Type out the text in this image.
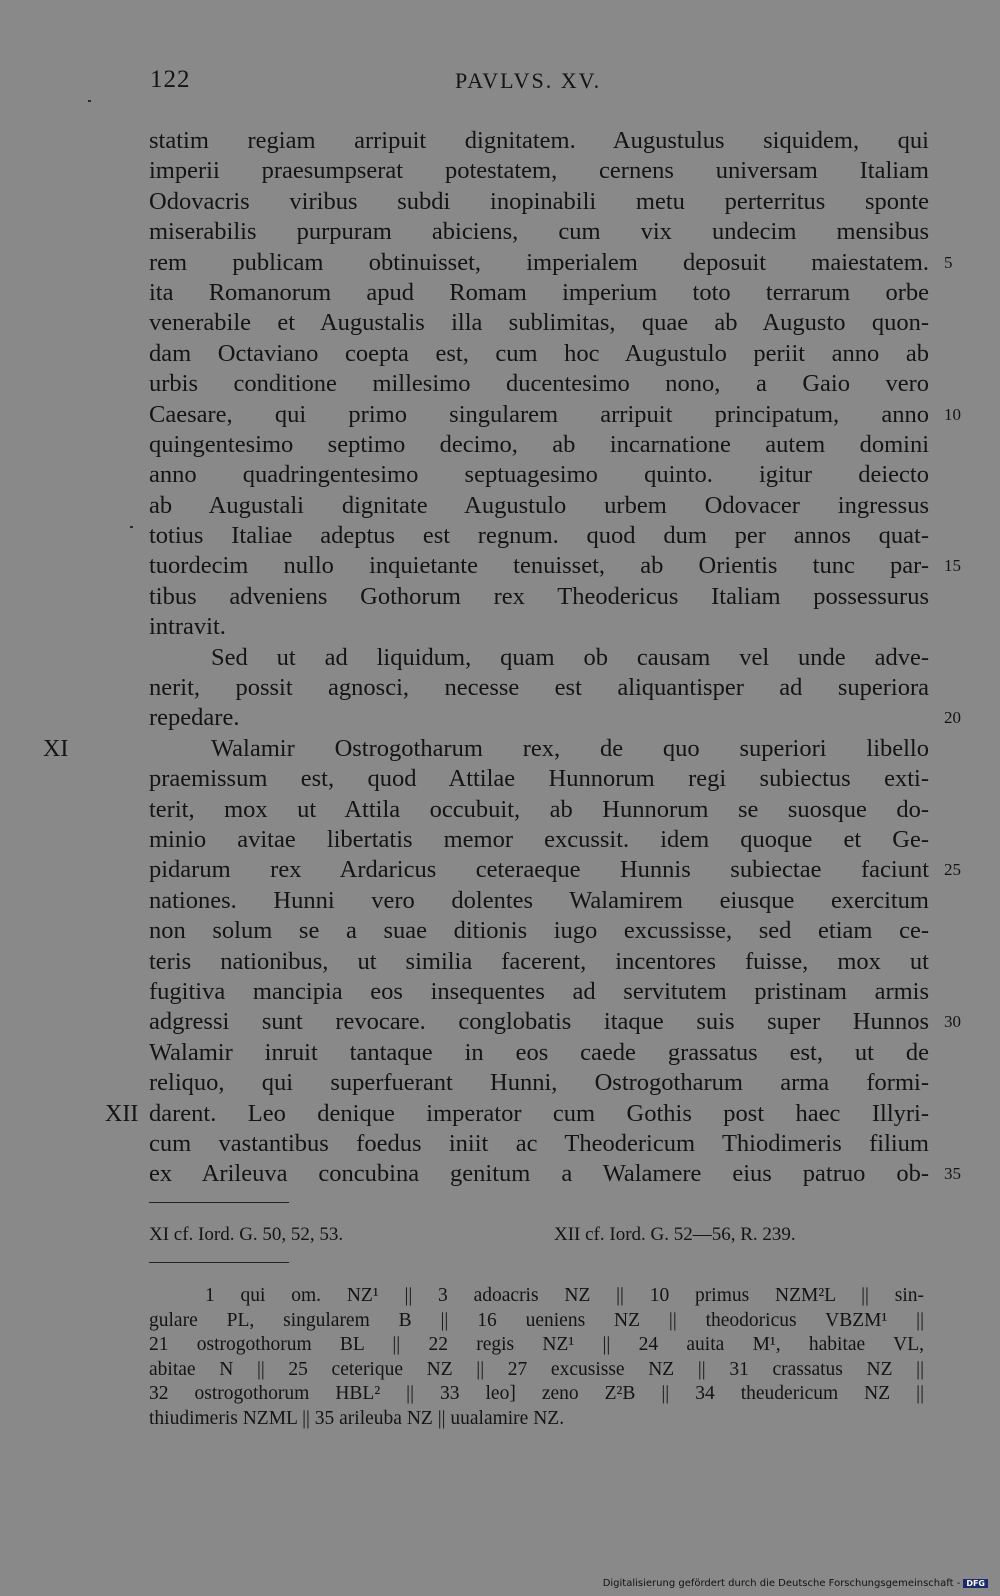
122	PAVLVS. XV.
statim regiam arripuit dignitatem. Augustulus siquidem, qui
imperii praesumpserat potestatem, cernens universam Italiam
Odovacris viribus subdi inopinabili metu perterritus sponte
miserabilis purpuram abiciens, cum vix undecim mensibus
rem publicam obtinuisset, imperialem deposuit maiestatem. 5
ita Romanorum apud Romam imperium toto terrarum orbe
venerabile et Augustalis illa sublimitas, quae ab Augusto quon-
dam Octaviano coepta est, cum hoc Augustulo periit anno ab
urbis conditione millesimo ducentesimo nono, a Gaio vero
Caesare, qui primo singularem arripuit principatum, anno 10
quingentesimo septimo decimo, ab incarnatione autem domini
anno quadringentesimo septuagesimo quinto. igitur deiecto
ab Augustali dignitate Augustulo urbem Odovacer ingressus
totius Italiae adeptus est regnum. quod dum per annos quat-
tuordecim nullo inquietante tenuisset, ab Orientis tunc par- 15
tibus adveniens Gothorum rex Theodericus Italiam possessurus
intravit.
Sed ut ad liquidum, quam ob causam vel unde adve-
nerit, possit agnosci, necesse est aliquantisper ad superiora
repedare.	20
Walamir Ostrogotharum rex, de quo superiori libello
XI
praemissum est, quod Attilae Hunnorum regi subiectus exti-
terit, mox ut Attila occubuit, ab Hunnorum se suosque do-
minio avitae libertatis memor excussit. idem quoque et Ge-
pidarum rex Ardaricus ceteraeque Hunnis subiectae faciunt 25
nationes. Hunni vero dolentes Walamirem eiusque exercitum
non solum se a suae ditionis iugo excussisse, sed etiam ce-
teris nationibus, ut similia facerent, incentores fuisse, mox ut
fugitiva mancipia eos insequentes ad servitutem pristinam armis
adgressi sunt revocare. conglobatis itaque suis super Hunnos 30
Walamir inruit tantaque in eos caede grassatus est, ut de
reliquo, qui superfuerant Hunni, Ostrogotharum arma formi-
darent. Leo denique imperator cum Gothis post haec Illyri-
XII
cum vastantibus foedus iniit ac Theodericum Thiodimeris filium
ex Arileuva concubina genitum a Walamere eius patruo ob- 35
XI cf. Iord. G. 50, 52, 53.	XII cf. Iord. G. 52—56, R. 239.
1 qui om. NZ¹ || 3 adoacris NZ || 10 primus NZM²L || sin-
gulare PL, singularem B || 16 ueniens NZ || theodoricus VBZM¹ ||
21 ostrogothorum BL || 22 regis NZ¹ || 24 auita M¹, habitae VL,
abitae N || 25 ceterique NZ || 27 excusisse NZ || 31 crassatus NZ ||
32 ostrogothorum HBL² || 33 leo] zeno Z²B || 34 theudericum NZ ||
thiudimeris NZML || 35 arileuba NZ || uualamire NZ.
Digitalisierung gefördert durch die Deutsche Forschungsgemeinschaft - DFG
